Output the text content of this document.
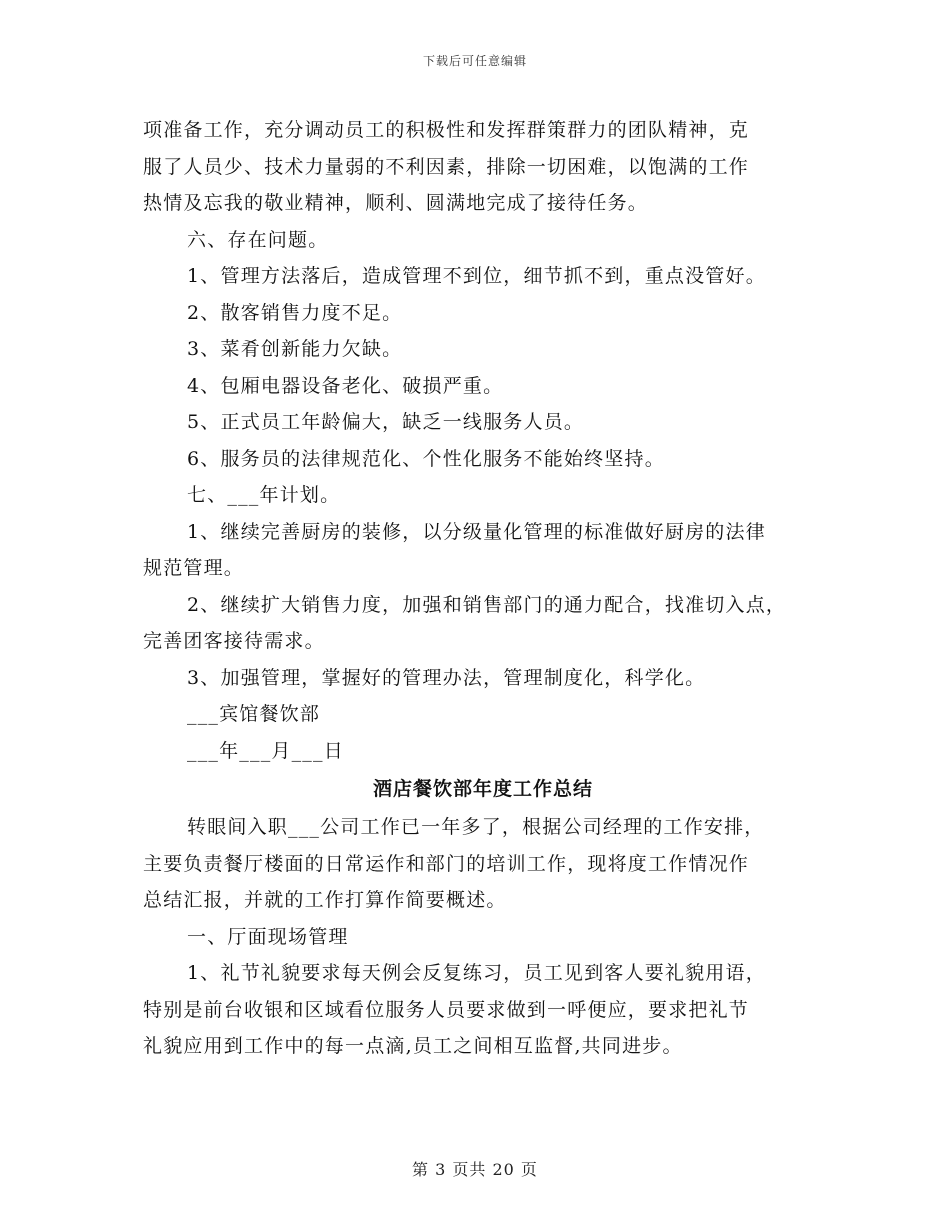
下载后可任意编辑
项准备工作，充分调动员工的积极性和发挥群策群力的团队精神，克
服了人员少、技术力量弱的不利因素，排除一切困难，以饱满的工作
热情及忘我的敬业精神，顺利、圆满地完成了接待任务。
六、存在问题。
1、管理方法落后，造成管理不到位，细节抓不到，重点没管好。
2、散客销售力度不足。
3、菜肴创新能力欠缺。
4、包厢电器设备老化、破损严重。
5、正式员工年龄偏大，缺乏一线服务人员。
6、服务员的法律规范化、个性化服务不能始终坚持。
七、___年计划。
1、继续完善厨房的装修，以分级量化管理的标准做好厨房的法律
规范管理。
2、继续扩大销售力度，加强和销售部门的通力配合，找准切入点，
完善团客接待需求。
3、加强管理，掌握好的管理办法，管理制度化，科学化。
___宾馆餐饮部
___年___月___日
酒店餐饮部年度工作总结
转眼间入职___公司工作已一年多了，根据公司经理的工作安排，
主要负责餐厅楼面的日常运作和部门的培训工作，现将度工作情况作
总结汇报，并就的工作打算作简要概述。
一、厅面现场管理
1、礼节礼貌要求每天例会反复练习，员工见到客人要礼貌用语，
特别是前台收银和区域看位服务人员要求做到一呼便应，要求把礼节
礼貌应用到工作中的每一点滴,员工之间相互监督,共同进步。
第 3 页共 20 页
